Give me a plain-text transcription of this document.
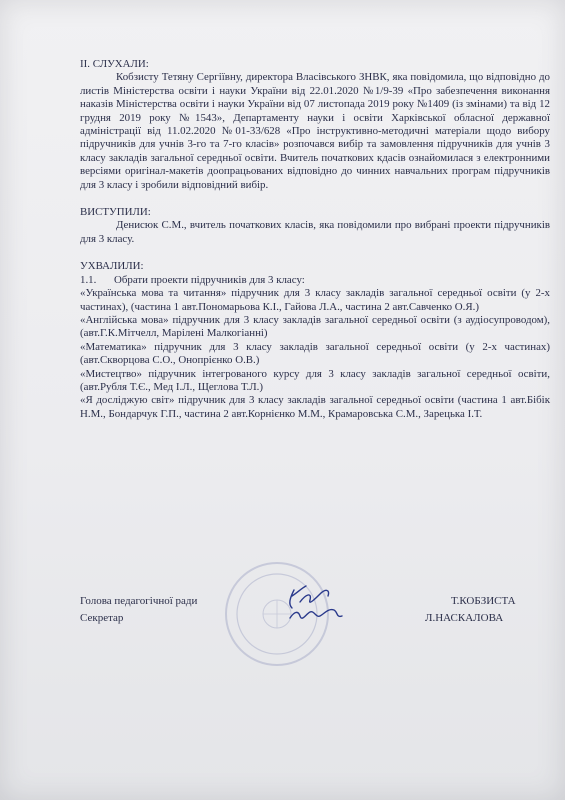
ІІ. СЛУХАЛИ:

Кобзисту Тетяну Сергіївну, директора Власівського ЗНВК, яка повідомила, що відповідно до листів Міністерства освіти і науки України від 22.01.2020 №1/9-39 «Про забезпечення виконання наказів Міністерства освіти і науки України від 07 листопада 2019 року №1409 (із змінами) та від 12 грудня 2019 року №1543», Департаменту науки і освіти Харківської обласної державної адміністрації від 11.02.2020 №01-33/628 «Про інструктивно-методичні матеріали щодо вибору підручників для учнів 3-го та 7-го класів» розпочався вибір та замовлення підручників для учнів 3 класу закладів загальної середньої освіти. Вчитель початкових кдасів ознайомилася з електронними версіями оригінал-макетів доопрацьованих відповідно до чинних навчальних програм підручників для 3 класу і зробили відповідний вибір.

ВИСТУПИЛИ:

Денисюк С.М., вчитель початкових класів, яка повідомили про вибрані проекти підручників для 3 класу.

УХВАЛИЛИ:

1.1. Обрати проекти підручників для 3 класу:

«Українська мова та читання» підручник для 3 класу закладів загальної середньої освіти (у 2-х частинах), (частина 1 авт.Пономарьова К.І., Гайова Л.А., частина 2 авт.Савченко О.Я.)

«Англійська мова» підручник для 3 класу закладів загальної середньої освіти (з аудіосупроводом), (авт.Г.К.Мітчелл, Марілені Малкогіанні)

«Математика» підручник для 3 класу закладів загальної середньої освіти (у 2-х частинах) (авт.Скворцова С.О., Онопрієнко О.В.)

«Мистецтво» підручник інтегрованого курсу для 3 класу закладів загальної середньої освіти, (авт.Рубля Т.Є., Мед І.Л., Щеглова Т.Л.)

«Я досліджую світ» підручник для 3 класу закладів загальної середньої освіти (частина 1 авт.Бібік Н.М., Бондарчук Г.П., частина 2 авт.Корнієнко М.М., Крамаровська С.М., Зарецька І.Т.

Голова педагогічної ради	Т.КОБЗИСТА
Секретар	Л.НАСКАЛОВА
